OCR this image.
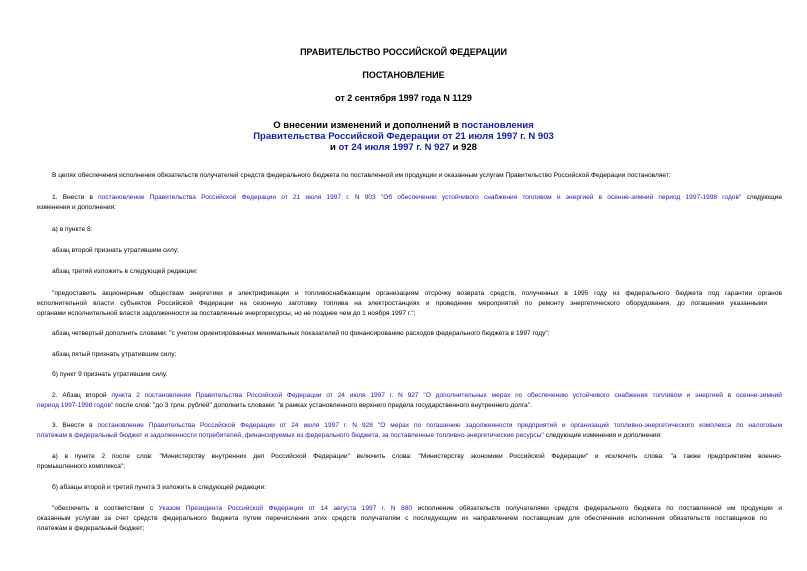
ПРАВИТЕЛЬСТВО РОССИЙСКОЙ ФЕДЕРАЦИИ
ПОСТАНОВЛЕНИЕ
от 2 сентября 1997 года N 1129
О внесении изменений и дополнений в постановления
Правительства Российской Федерации от 21 июля 1997 г. N 903
и от 24 июля 1997 г. N 927 и 928
В целях обеспечения исполнения обязательств получателей средств федерального бюджета по поставленной им продукции и оказанным услугам Правительство Российской Федерации постановляет:
1. Внести в постановление Правительства Российской Федерации от 21 июля 1997 г. N 903 "Об обеспечении устойчивого снабжения топливом и энергией в осенне-зимний период 1997-1998 годов" следующие
изменения и дополнения:
а) в пункте 8:
абзац второй признать утратившим силу;
абзац третий изложить в следующей редакции:
"предоставить акционерным обществам энергетики и электрификации и топливоснабжающим организациям отсрочку возврата средств, полученных в 1995 году из федерального бюджета под гарантии органов
исполнительной власти субъектов Российской Федерации на сезонную заготовку топлива на электростанциях и проведение мероприятий по ремонту энергетического оборудования, до погашения указанными
органами исполнительной власти задолженности за поставленные энергоресурсы, но не позднее чем до 1 ноября 1997 г.";
абзац четвертый дополнить словами: "с учетом ориентированных минимальных показателей по финансированию расходов федерального бюджета в 1997 году";
абзац пятый признать утратившим силу;
б) пункт 9 признать утратившим силу.
2. Абзац второй пункта 2 постановления Правительства Российской Федерации от 24 июля 1997 г. N 927 "О дополнительных мерах по обеспечению устойчивого снабжения топливом и энергией в осенне-зимний
период 1997-1998 годов" после слов: "до 3 трлн. рублей" дополнить словами: "в рамках установленного верхнего предела государственного внутреннего долга".
3. Внести в постановление Правительства Российской Федерации от 24 июля 1997 г. N 928 "О мерах по погашению задолженности предприятий и организаций топливно-энергетического комплекса по налоговым
платежам в федеральный бюджет и задолженности потребителей, финансируемых из федерального бюджета, за поставленные топливно-энергетические ресурсы" следующие изменения и дополнения:
а) в пункте 2 после слов: "Министерству внутренних дел Российской Федерации" включить слова: "Министерству экономики Российской Федерации" и исключить слова: "а также предприятиям военно-
промышленного комплекса";
б) абзацы второй и третий пункта 3 изложить в следующей редакции:
"обеспечить в соответствии с Указом Президента Российской Федерации от 14 августа 1997 г. N 880 исполнение обязательств получателями средств федерального бюджета по поставленной им продукции и
оказанным услугам за счет средств федерального бюджета путем перечисления этих средств получателям с последующим их направлением поставщикам для обеспечения исполнения обязательств поставщиков по
платежам в федеральный бюджет;
